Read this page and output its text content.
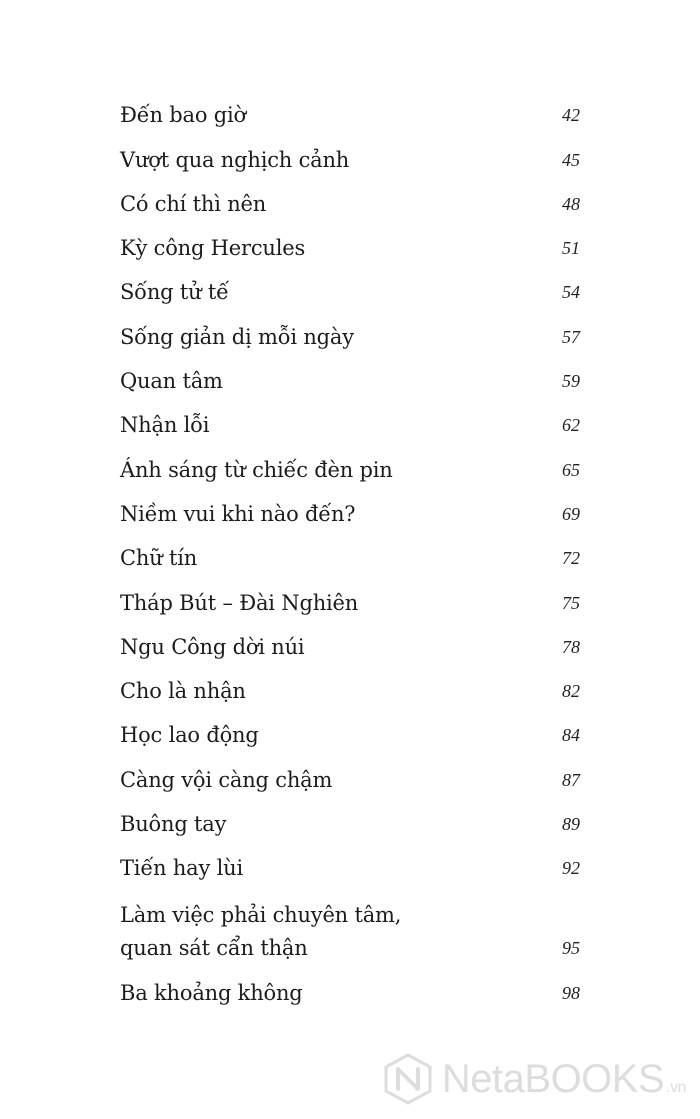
Đến bao giờ	42
Vượt qua nghịch cảnh	45
Có chí thì nên	48
Kỳ công Hercules	51
Sống tử tế	54
Sống giản dị mỗi ngày	57
Quan tâm	59
Nhận lỗi	62
Ánh sáng từ chiếc đèn pin	65
Niềm vui khi nào đến?	69
Chữ tín	72
Tháp Bút – Đài Nghiên	75
Ngu Công dời núi	78
Cho là nhận	82
Học lao động	84
Càng vội càng chậm	87
Buông tay	89
Tiến hay lùi	92
Làm việc phải chuyên tâm,
quan sát cẩn thận	95
Ba khoảng không	98
NetaBOOKS .vn
